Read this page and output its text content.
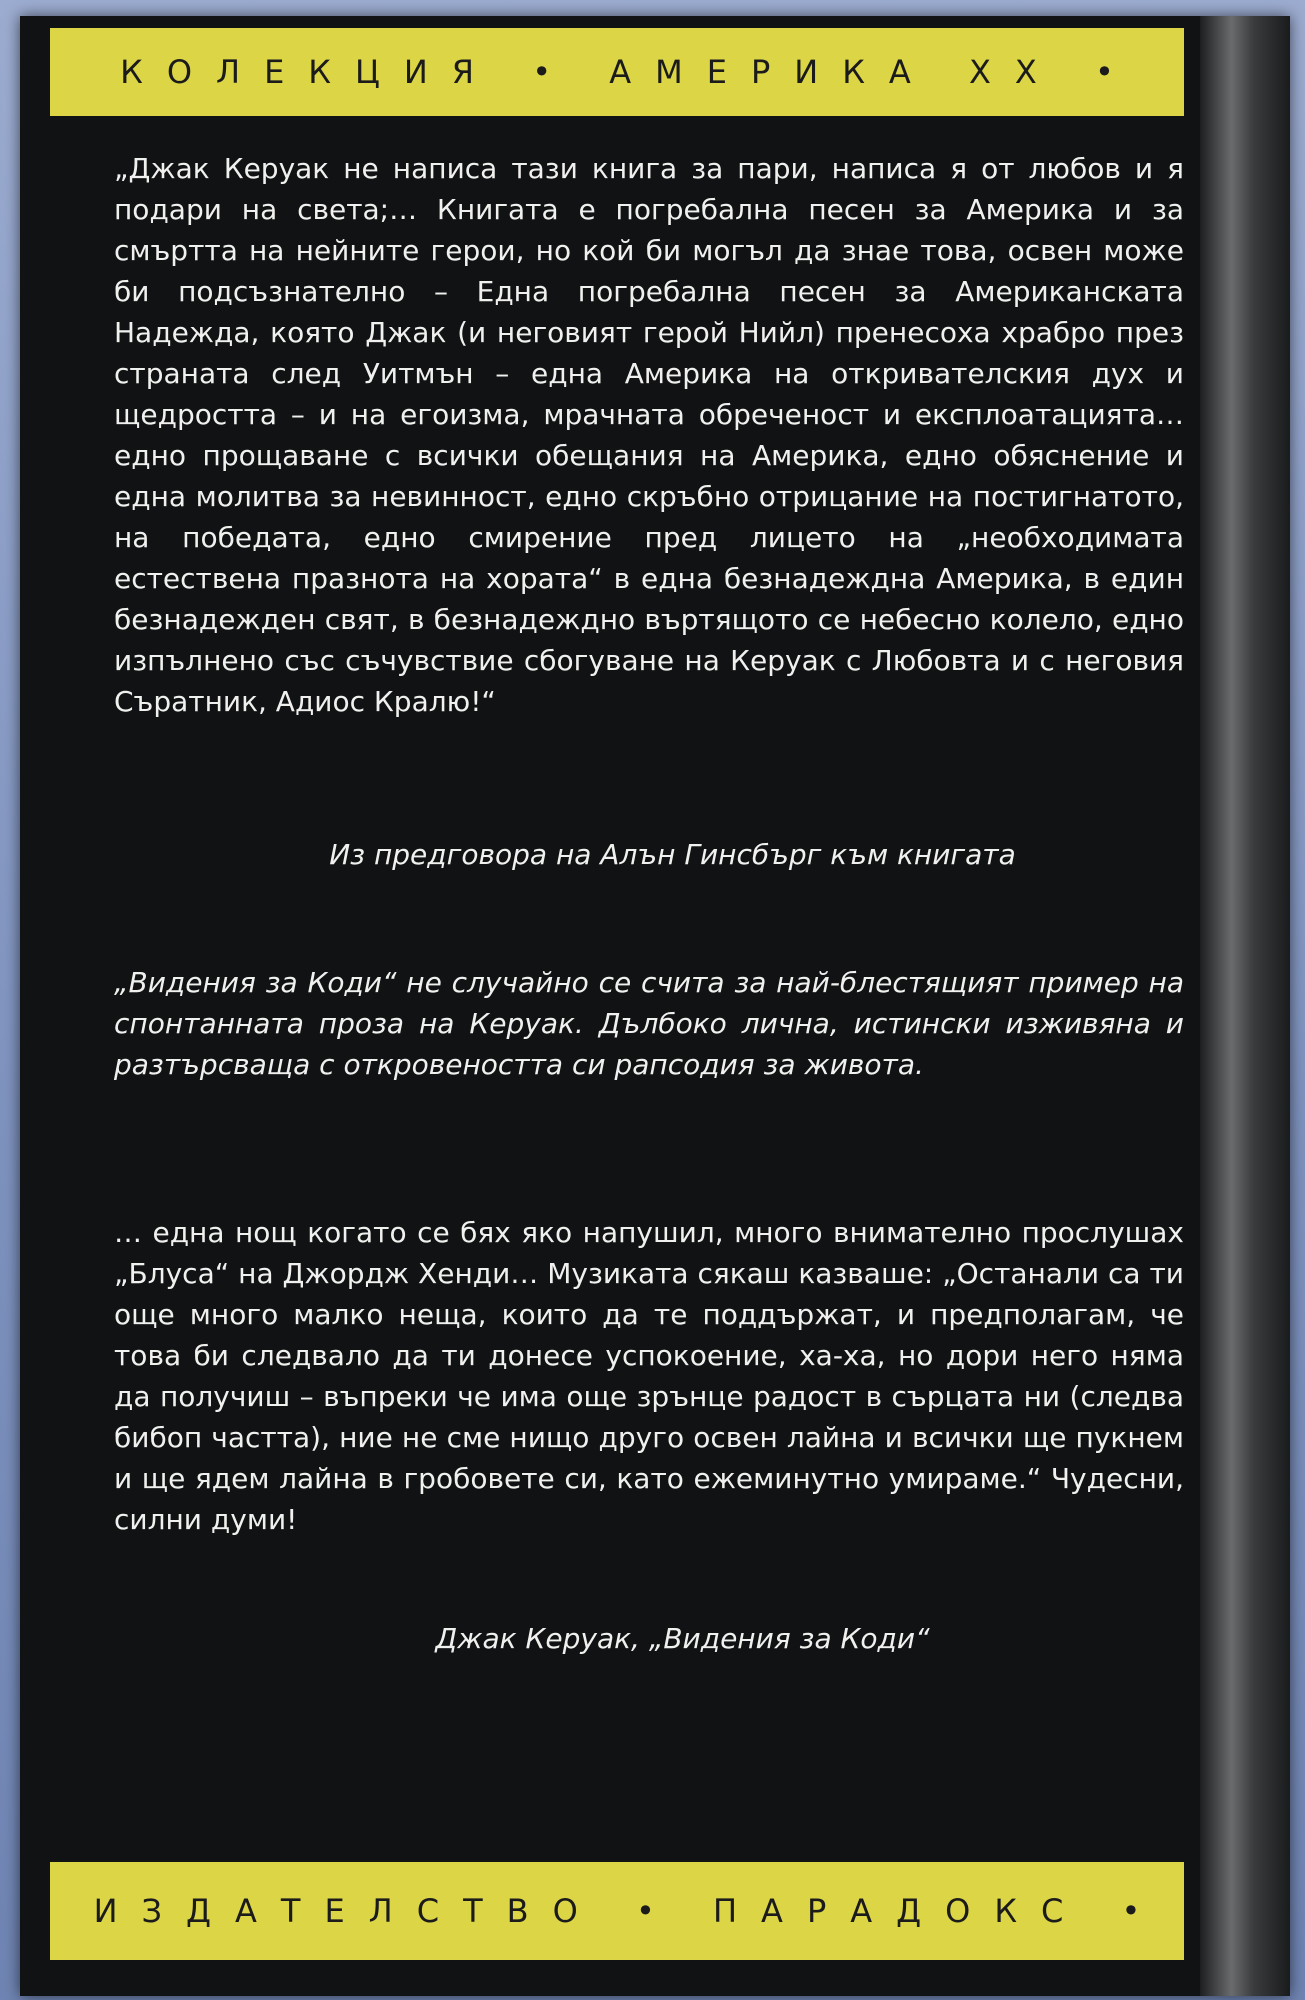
КОЛЕКЦИЯ • АМЕРИКА XX •
„Джак Керуак не написа тази книга за пари, написа я от любов и я подари на света;… Книгата е погребална песен за Америка и за смъртта на нейните герои, но кой би могъл да знае това, освен може би подсъзнателно – Една погребална песен за Американската Надежда, която Джак (и неговият герой Нийл) пренесоха храбро през страната след Уитмън – една Америка на откривателския дух и щедростта – и на егоизма, мрачната обреченост и експлоатацията… едно прощаване с всички обещания на Америка, едно обяснение и една молитва за невинност, едно скръбно отрицание на постигнатото, на победата, едно смирение пред лицето на „необходимата естествена празнота на хората“ в една безнадеждна Америка, в един безнадежден свят, в безнадеждно въртящото се небесно колело, едно изпълнено със съчувствие сбогуване на Керуак с Любовта и с неговия Съратник, Адиос Кралю!“
Из предговора на Алън Гинсбърг към книгата
„Видения за Коди“ не случайно се счита за най-блестящият пример на спонтанната проза на Керуак. Дълбоко лична, истински изживяна и разтърсваща с откровеността си рапсодия за живота.
… една нощ когато се бях яко напушил, много внимателно прослушах „Блуса“ на Джордж Хенди… Музиката сякаш казваше: „Останали са ти още много малко неща, които да те поддържат, и предполагам, че това би следвало да ти донесе успокоение, ха-ха, но дори него няма да получиш – въпреки че има още зрънце радост в сърцата ни (следва бибоп частта), ние не сме нищо друго освен лайна и всички ще пукнем и ще ядем лайна в гробовете си, като ежеминутно умираме.“ Чудесни, силни думи!
Джак Керуак, „Видения за Коди“
ИЗДАТЕЛСТВО • ПАРАДОКС •
